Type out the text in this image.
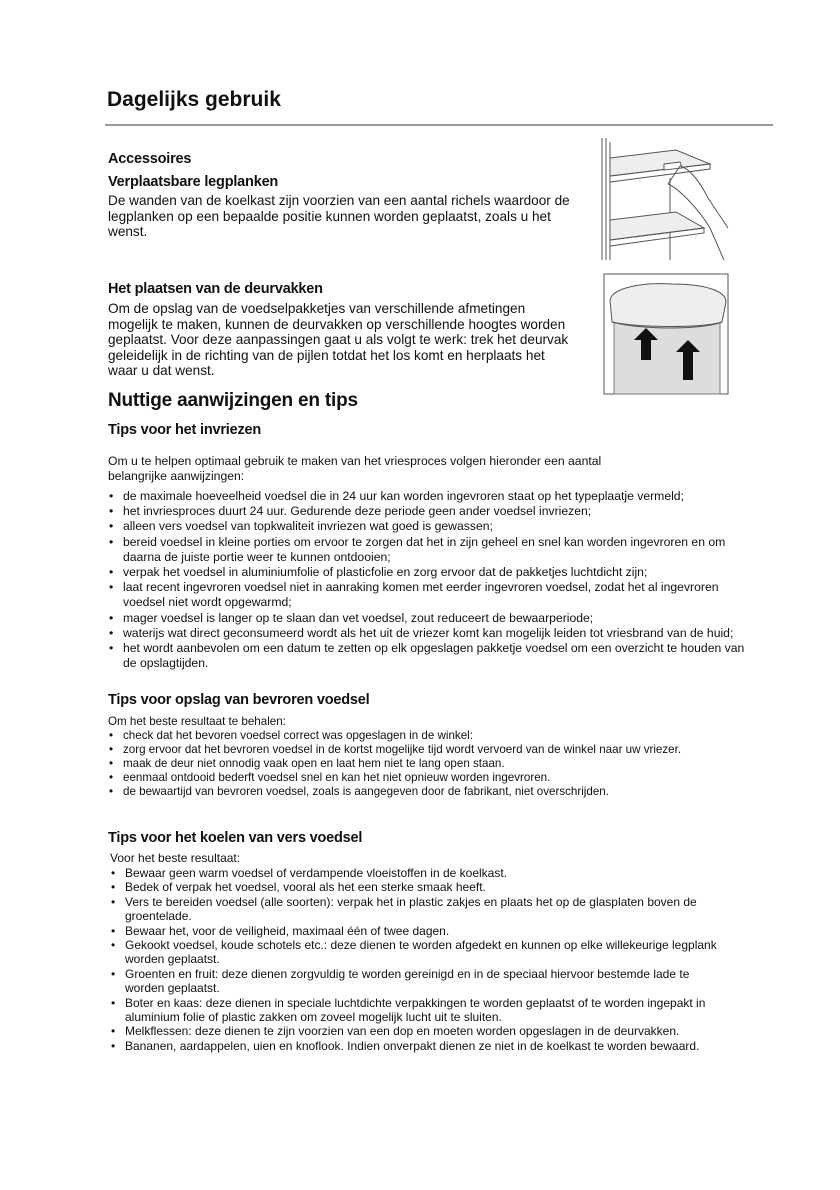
Dagelijks gebruik
Accessoires
Verplaatsbare legplanken

De wanden van de koelkast zijn voorzien van een aantal richels waardoor de legplanken op een bepaalde positie kunnen worden geplaatst, zoals u het wenst.

Het plaatsen van de deurvakken

Om de opslag van de voedselpakketjes van verschillende afmetingen mogelijk te maken, kunnen de deurvakken op verschillende hoogtes worden geplaatst. Voor deze aanpassingen gaat u als volgt te werk: trek het deurvak geleidelijk in de richting van de pijlen totdat het los komt en herplaats het waar u dat wenst.

Nuttige aanwijzingen en tips
Tips voor het invriezen

Om u te helpen optimaal gebruik te maken van het vriesproces volgen hieronder een aantal belangrijke aanwijzingen:

• de maximale hoeveelheid voedsel die in 24 uur kan worden ingevroren staat op het typeplaatje vermeld;
• het invriesproces duurt 24 uur. Gedurende deze periode geen ander voedsel invriezen;
• alleen vers voedsel van topkwaliteit invriezen wat goed is gewassen;
• bereid voedsel in kleine porties om ervoor te zorgen dat het in zijn geheel en snel kan worden ingevroren en om daarna de juiste portie weer te kunnen ontdooien;
• verpak het voedsel in aluminiumfolie of plasticfolie en zorg ervoor dat de pakketjes luchtdicht zijn;
• laat recent ingevroren voedsel niet in aanraking komen met eerder ingevroren voedsel, zodat het al ingevroren voedsel niet wordt opgewarmd;
• mager voedsel is langer op te slaan dan vet voedsel, zout reduceert de bewaarperiode;
• waterijs wat direct geconsumeerd wordt als het uit de vriezer komt kan mogelijk leiden tot vriesbrand van de huid;
• het wordt aanbevolen om een datum te zetten op elk opgeslagen pakketje voedsel om een overzicht te houden van de opslagtijden.
Tips voor opslag van bevroren voedsel

Om het beste resultaat te behalen:

• check dat het bevoren voedsel correct was opgeslagen in de winkel:
• zorg ervoor dat het bevroren voedsel in de kortst mogelijke tijd wordt vervoerd van de winkel naar uw vriezer.
• maak de deur niet onnodig vaak open en laat hem niet te lang open staan.
• eenmaal ontdooid bederft voedsel snel en kan het niet opnieuw worden ingevroren.
• de bewaartijd van bevroren voedsel, zoals is aangegeven door de fabrikant, niet overschrijden.
Tips voor het koelen van vers voedsel

Voor het beste resultaat:

• Bewaar geen warm voedsel of verdampende vloeistoffen in de koelkast.
• Bedek of verpak het voedsel, vooral als het een sterke smaak heeft.
• Vers te bereiden voedsel (alle soorten): verpak het in plastic zakjes en plaats het op de glasplaten boven de groentelade.
• Bewaar het, voor de veiligheid, maximaal één of twee dagen.
• Gekookt voedsel, koude schotels etc.: deze dienen te worden afgedekt en kunnen op elke willekeurige legplank worden geplaatst.
• Groenten en fruit: deze dienen zorgvuldig te worden gereinigd en in de speciaal hiervoor bestemde lade te worden geplaatst.
• Boter en kaas: deze dienen in speciale luchtdichte verpakkingen te worden geplaatst of te worden ingepakt in aluminium folie of plastic zakken om zoveel mogelijk lucht uit te sluiten.
• Melkflessen: deze dienen te zijn voorzien van een dop en moeten worden opgeslagen in de deurvakken.
• Bananen, aardappelen, uien en knoflook. Indien onverpakt dienen ze niet in de koelkast te worden bewaard.
